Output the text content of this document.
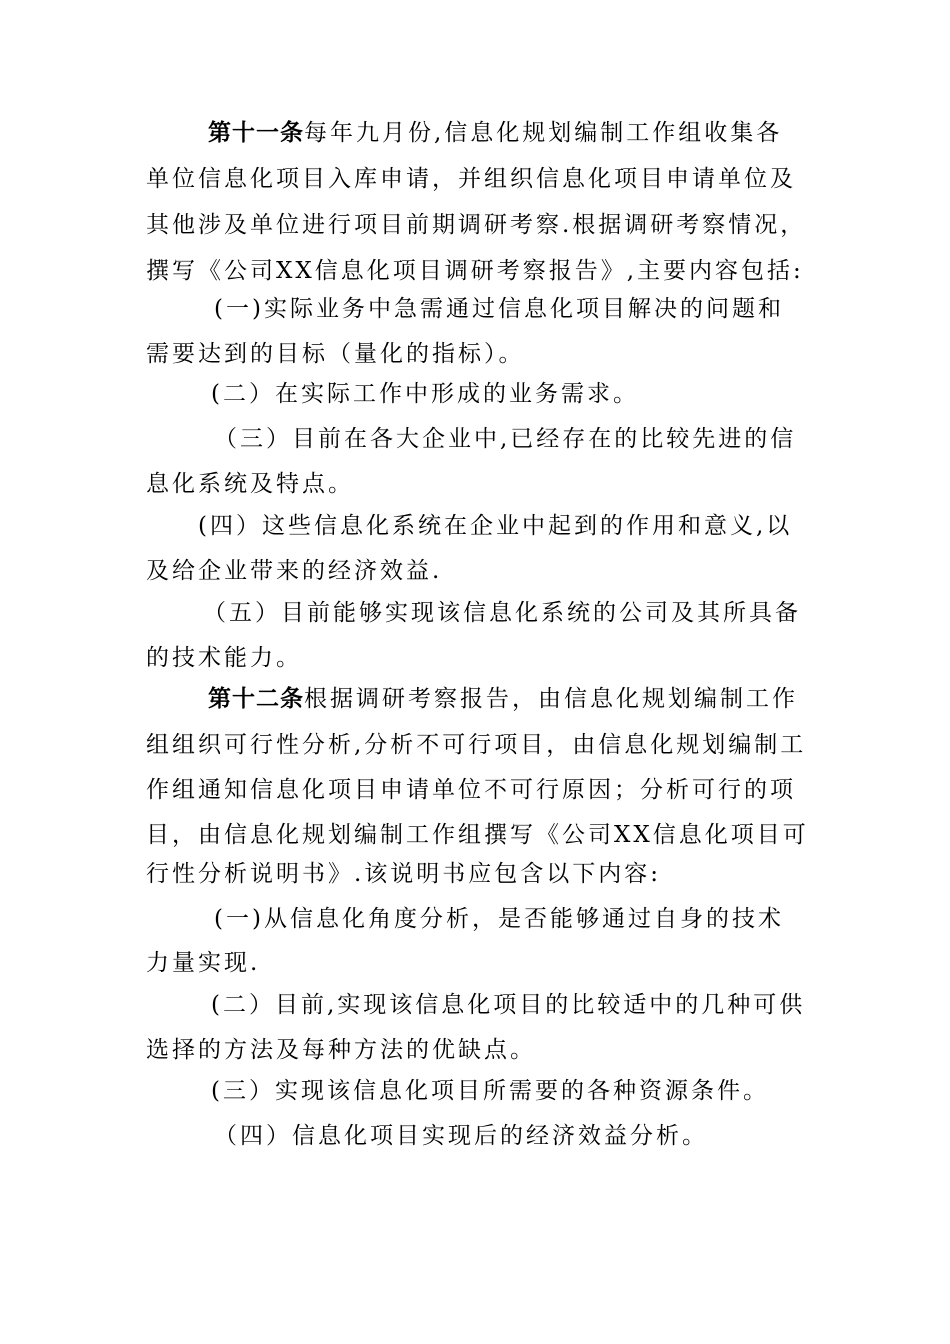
第十一条每年九月份,信息化规划编制工作组收集各
单位信息化项目入库申请，并组织信息化项目申请单位及
其他涉及单位进行项目前期调研考察.根据调研考察情况，
撰写《公司XX信息化项目调研考察报告》,主要内容包括:
(一)实际业务中急需通过信息化项目解决的问题和
需要达到的目标（量化的指标）。
(二）在实际工作中形成的业务需求。
（三）目前在各大企业中,已经存在的比较先进的信
息化系统及特点。
(四）这些信息化系统在企业中起到的作用和意义,以
及给企业带来的经济效益.
（五）目前能够实现该信息化系统的公司及其所具备
的技术能力。
第十二条根据调研考察报告，由信息化规划编制工作
组组织可行性分析,分析不可行项目，由信息化规划编制工
作组通知信息化项目申请单位不可行原因；分析可行的项
目，由信息化规划编制工作组撰写《公司XX信息化项目可
行性分析说明书》.该说明书应包含以下内容:
(一)从信息化角度分析，是否能够通过自身的技术
力量实现.
(二）目前,实现该信息化项目的比较适中的几种可供
选择的方法及每种方法的优缺点。
(三）实现该信息化项目所需要的各种资源条件。
（四）信息化项目实现后的经济效益分析。
